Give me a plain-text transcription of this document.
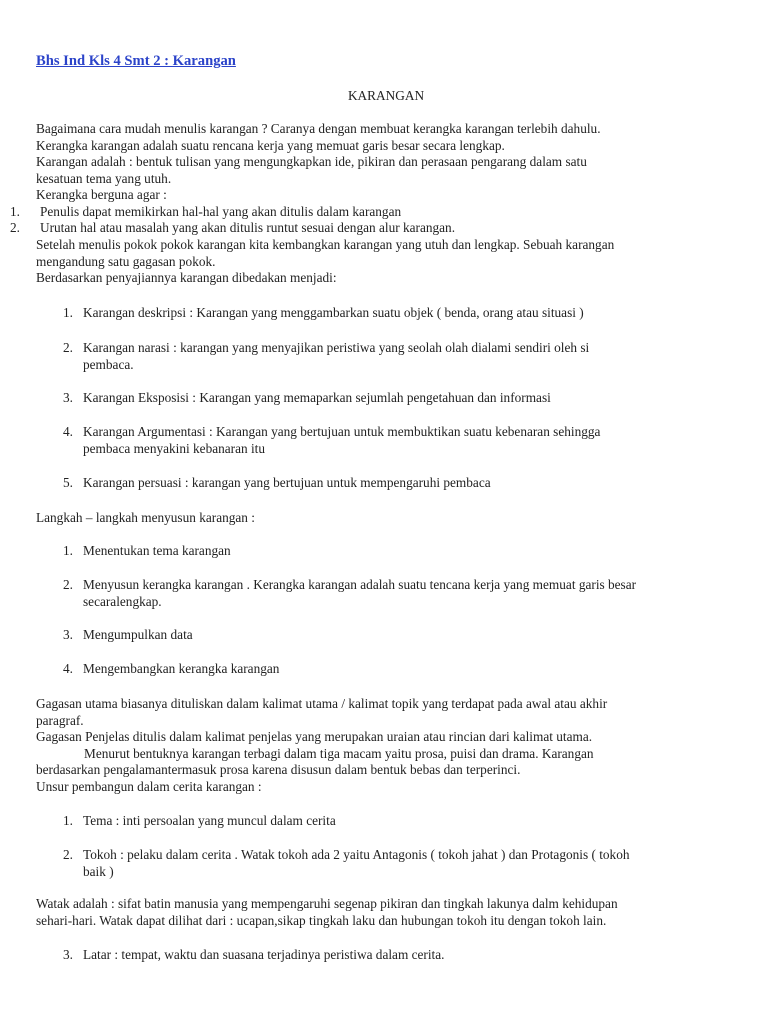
Bhs Ind Kls 4 Smt 2 : Karangan
KARANGAN
Bagaimana cara mudah menulis karangan ? Caranya dengan membuat kerangka karangan terlebih dahulu.
Kerangka karangan adalah suatu rencana kerja yang memuat garis besar secara lengkap.
Karangan adalah : bentuk tulisan yang mengungkapkan ide, pikiran dan perasaan pengarang dalam satu
kesatuan tema yang utuh.
Kerangka berguna agar :
1. Penulis dapat memikirkan hal-hal yang akan ditulis dalam karangan
2. Urutan hal atau masalah yang akan ditulis runtut sesuai dengan alur karangan.
Setelah menulis pokok pokok karangan kita kembangkan karangan yang utuh dan lengkap. Sebuah karangan
mengandung satu gagasan pokok.
Berdasarkan penyajiannya karangan dibedakan menjadi:
1. Karangan deskripsi : Karangan yang menggambarkan suatu objek ( benda, orang atau situasi )
2. Karangan narasi : karangan yang menyajikan peristiwa yang seolah olah dialami sendiri oleh si
pembaca.
3. Karangan Eksposisi : Karangan yang memaparkan sejumlah pengetahuan dan informasi
4. Karangan Argumentasi : Karangan yang bertujuan untuk membuktikan suatu kebenaran sehingga
pembaca menyakini kebanaran itu
5. Karangan persuasi : karangan yang bertujuan untuk mempengaruhi pembaca
Langkah – langkah menyusun karangan :
1. Menentukan tema karangan
2. Menyusun kerangka karangan . Kerangka karangan adalah suatu tencana kerja yang memuat garis besar
secaralengkap.
3. Mengumpulkan data
4. Mengembangkan kerangka karangan
Gagasan utama biasanya dituliskan dalam kalimat utama / kalimat topik yang terdapat pada awal atau akhir
paragraf.
Gagasan Penjelas ditulis dalam kalimat penjelas yang merupakan uraian atau rincian dari kalimat utama.
Menurut bentuknya karangan terbagi dalam tiga macam yaitu prosa, puisi dan drama. Karangan
berdasarkan pengalamantermasuk prosa karena disusun dalam bentuk bebas dan terperinci.
Unsur pembangun dalam cerita karangan :
1. Tema : inti persoalan yang muncul dalam cerita
2. Tokoh : pelaku dalam cerita . Watak tokoh ada 2 yaitu Antagonis ( tokoh jahat ) dan Protagonis ( tokoh
baik )
Watak adalah : sifat batin manusia yang mempengaruhi segenap pikiran dan tingkah lakunya dalm kehidupan
sehari-hari. Watak dapat dilihat dari : ucapan,sikap tingkah laku dan hubungan tokoh itu dengan tokoh lain.
3. Latar : tempat, waktu dan suasana terjadinya peristiwa dalam cerita.
